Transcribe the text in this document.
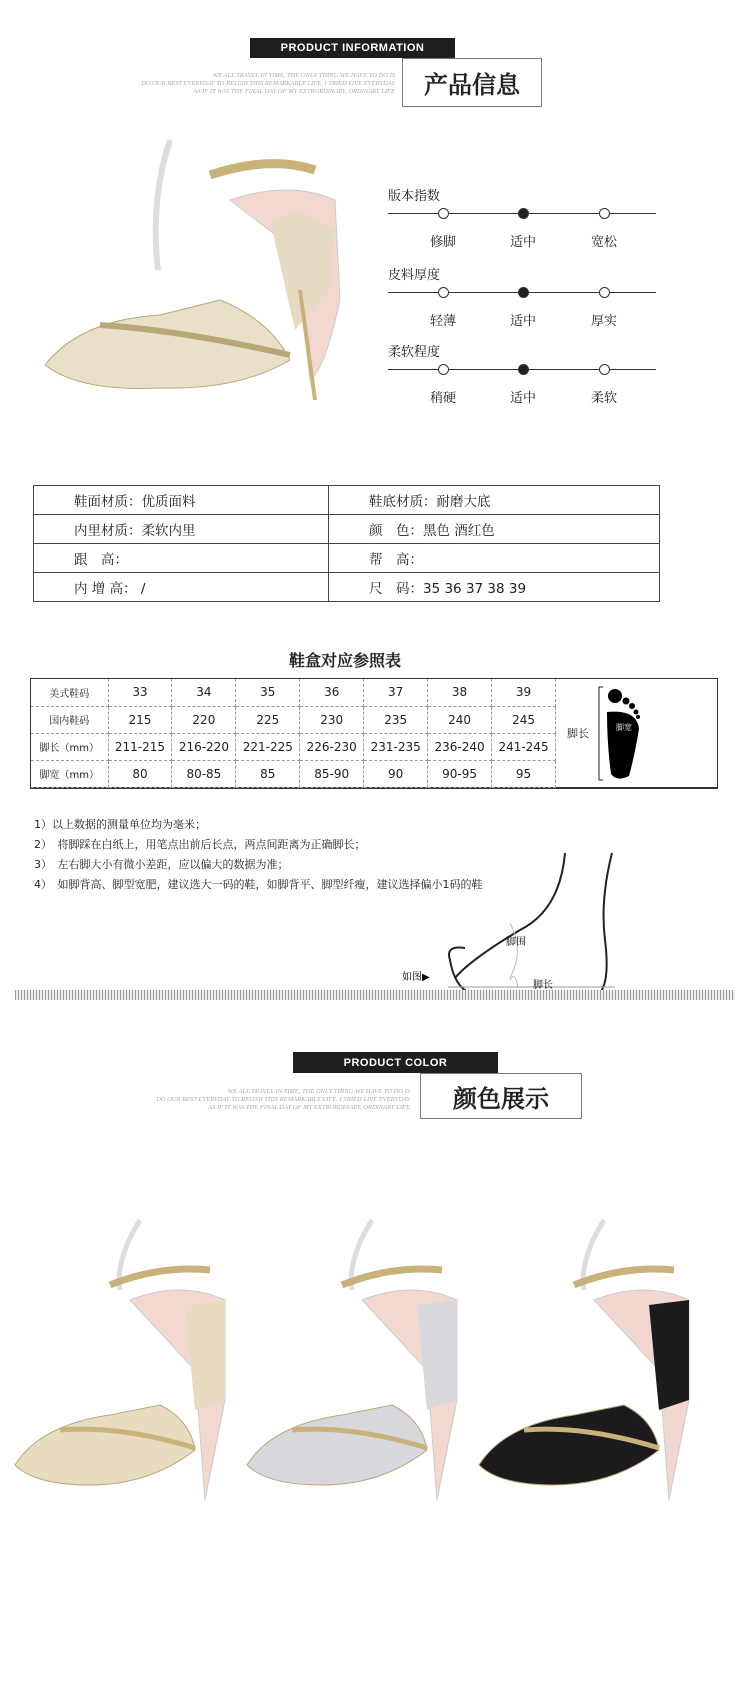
PRODUCT INFORMATION
产品信息
WE ALL TRAVEL IN TIME, THE ONLY THING WE HAVE TO DO IS
DO OUR BEST EVERYDAY TO RELISH THIS REMARKABLE LIFE. I TRIED LIVE EVERYDAY
AS IF IT WAS THE FINAL DAY OF MY EXTRORDINARY, ORDINARY LIFE
版本指数
修脚	适中	宽松
皮料厚度
轻薄	适中	厚实
柔软程度
稍硬	适中	柔软
鞋面材质：优质面料	鞋底材质：耐磨大底
内里材质：柔软内里	颜　色：黑色 酒红色
跟　高：	帮　高：
内 增 高： /	尺　码：35 36 37 38 39
鞋盒对应参照表
美式鞋码	33	34	35	36	37	38	39
国内鞋码	215	220	225	230	235	240	245
脚长（mm）	211-215	216-220	221-225	226-230	231-235	236-240	241-245
脚宽（mm）	80	80-85	85	85-90	90	90-95	95
脚长	脚宽
1）以上数据的测量单位均为毫米；
2）　将脚踩在白纸上，用笔点出前后长点，两点间距离为正确脚长；
3）　左右脚大小有微小差距，应以偏大的数据为准；
4）　如脚背高、脚型宽肥，建议选大一码的鞋，如脚背平、脚型纤瘦，建议选择偏小1码的鞋
脚围
脚长
如图▶
PRODUCT COLOR
颜色展示
WE ALL TRAVEL IN TIME, THE ONLY THING WE HAVE TO DO IS
DO OUR BEST EVERYDAY TO RELISH THIS REMARKABLE LIFE. I TRIED LIVE EVERYDAY
AS IF IT WAS THE FINAL DAY OF MY EXTRORDINARY, ORDINARY LIFE
